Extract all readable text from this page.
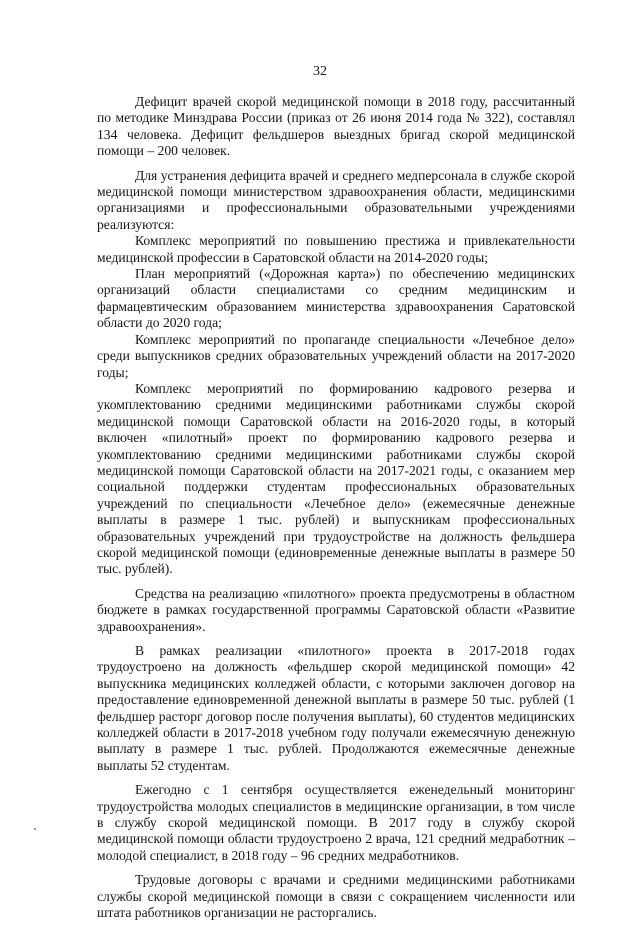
32

Дефицит врачей скорой медицинской помощи в 2018 году, рассчитанный по методике Минздрава России (приказ от 26 июня 2014 года № 322), составлял 134 человека. Дефицит фельдшеров выездных бригад скорой медицинской помощи – 200 человек.

Для устранения дефицита врачей и среднего медперсонала в службе скорой медицинской помощи министерством здравоохранения области, медицинскими организациями и профессиональными образовательными учреждениями реализуются:

Комплекс мероприятий по повышению престижа и привлекательности медицинской профессии в Саратовской области на 2014-2020 годы;

План мероприятий («Дорожная карта») по обеспечению медицинских организаций области специалистами со средним медицинским и фармацевтическим образованием министерства здравоохранения Саратовской области до 2020 года;

Комплекс мероприятий по пропаганде специальности «Лечебное дело» среди выпускников средних образовательных учреждений области на 2017-2020 годы;

Комплекс мероприятий по формированию кадрового резерва и укомплектованию средними медицинскими работниками службы скорой медицинской помощи Саратовской области на 2016-2020 годы, в который включен «пилотный» проект по формированию кадрового резерва и укомплектованию средними медицинскими работниками службы скорой медицинской помощи Саратовской области на 2017-2021 годы, с оказанием мер социальной поддержки студентам профессиональных образовательных учреждений по специальности «Лечебное дело» (ежемесячные денежные выплаты в размере 1 тыс. рублей) и выпускникам профессиональных образовательных учреждений при трудоустройстве на должность фельдшера скорой медицинской помощи (единовременные денежные выплаты в размере 50 тыс. рублей).

Средства на реализацию «пилотного» проекта предусмотрены в областном бюджете в рамках государственной программы Саратовской области «Развитие здравоохранения».

В рамках реализации «пилотного» проекта в 2017-2018 годах трудоустроено на должность «фельдшер скорой медицинской помощи» 42 выпускника медицинских колледжей области, с которыми заключен договор на предоставление единовременной денежной выплаты в размере 50 тыс. рублей (1 фельдшер расторг договор после получения выплаты), 60 студентов медицинских колледжей области в 2017-2018 учебном году получали ежемесячную денежную выплату в размере 1 тыс. рублей. Продолжаются ежемесячные денежные выплаты 52 студентам.

Ежегодно с 1 сентября осуществляется еженедельный мониторинг трудоустройства молодых специалистов в медицинские организации, в том числе в службу скорой медицинской помощи. В 2017 году в службу скорой медицинской помощи области трудоустроено 2 врача, 121 средний медработник – молодой специалист, в 2018 году – 96 средних медработников.

Трудовые договоры с врачами и средними медицинскими работниками службы скорой медицинской помощи в связи с сокращением численности или штата работников организации не расторгались.
